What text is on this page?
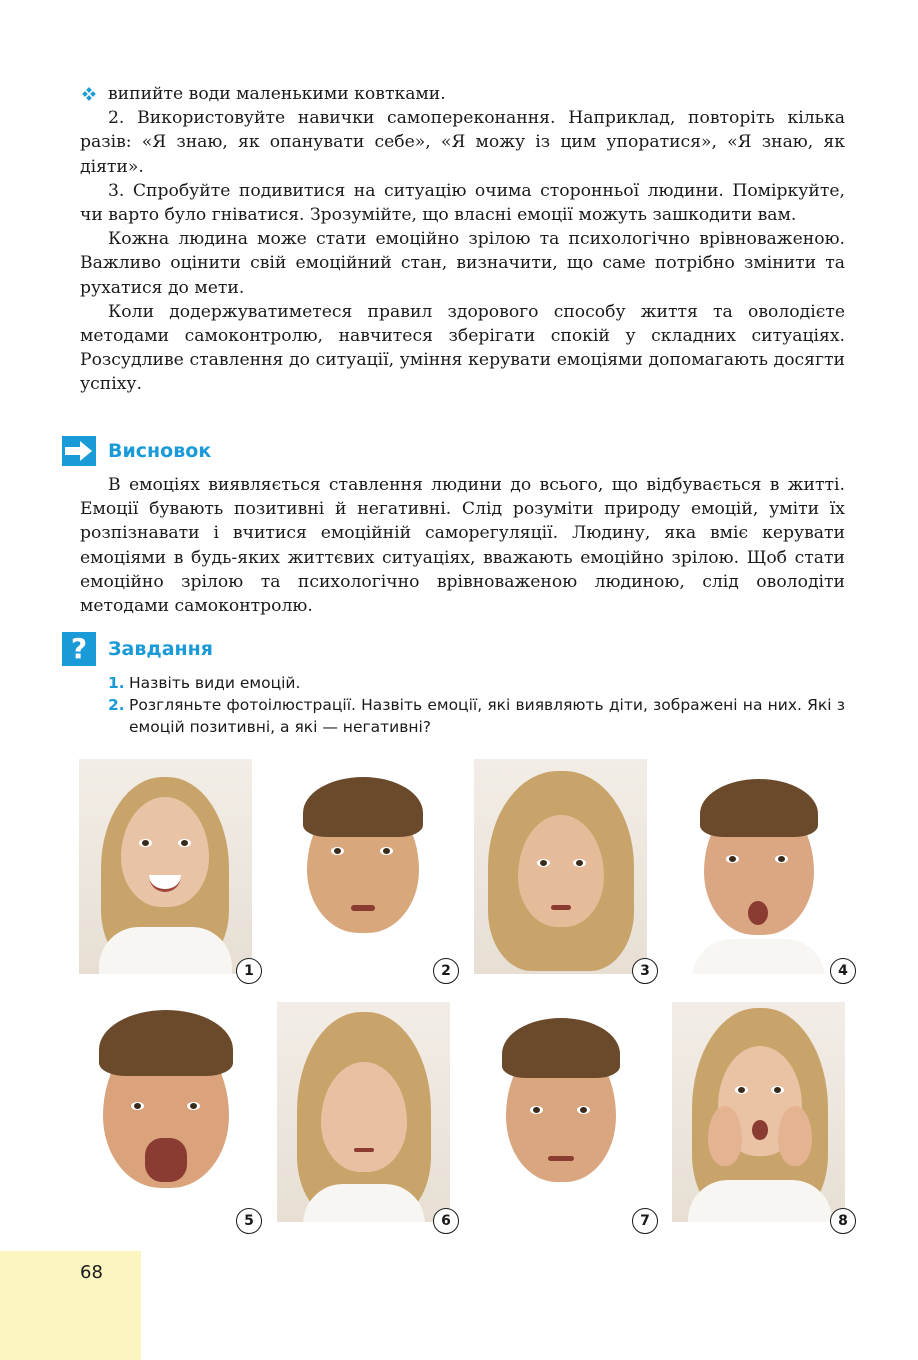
випийте води маленькими ковтками.

2. Використовуйте навички самопереконання. Наприклад, повторіть кілька разів: «Я знаю, як опанувати себе», «Я можу із цим упоратися», «Я знаю, як діяти».

3. Спробуйте подивитися на ситуацію очима сторонньої людини. Поміркуйте, чи варто було гніватися. Зрозумійте, що власні емоції можуть зашкодити вам.

Кожна людина може стати емоційно зрілою та психологічно врівноваженою. Важливо оцінити свій емоційний стан, визначити, що саме потрібно змінити та рухатися до мети.

Коли додержуватиметеся правил здорового способу життя та оволодієте методами самоконтролю, навчитеся зберігати спокій у складних ситуаціях. Розсудливе ставлення до ситуації, уміння керувати емоціями допомагають досягти успіху.

Висновок

В емоціях виявляється ставлення людини до всього, що відбувається в житті. Емоції бувають позитивні й негативні. Слід розуміти природу емоцій, уміти їх розпізнавати і вчитися емоційній саморегуляції. Людину, яка вміє керувати емоціями в будь-яких життєвих ситуаціях, вважають емоційно зрілою. Щоб стати емоційно зрілою та психологічно врівноваженою людиною, слід оволодіти методами самоконтролю.

?	Завдання
1. Назвіть види емоцій.
2. Розгляньте фотоілюстрації. Назвіть емоції, які виявляють діти, зображені на них. Які з емоцій позитивні, а які — негативні?
1	2	3	4
5	6	7	8
68
